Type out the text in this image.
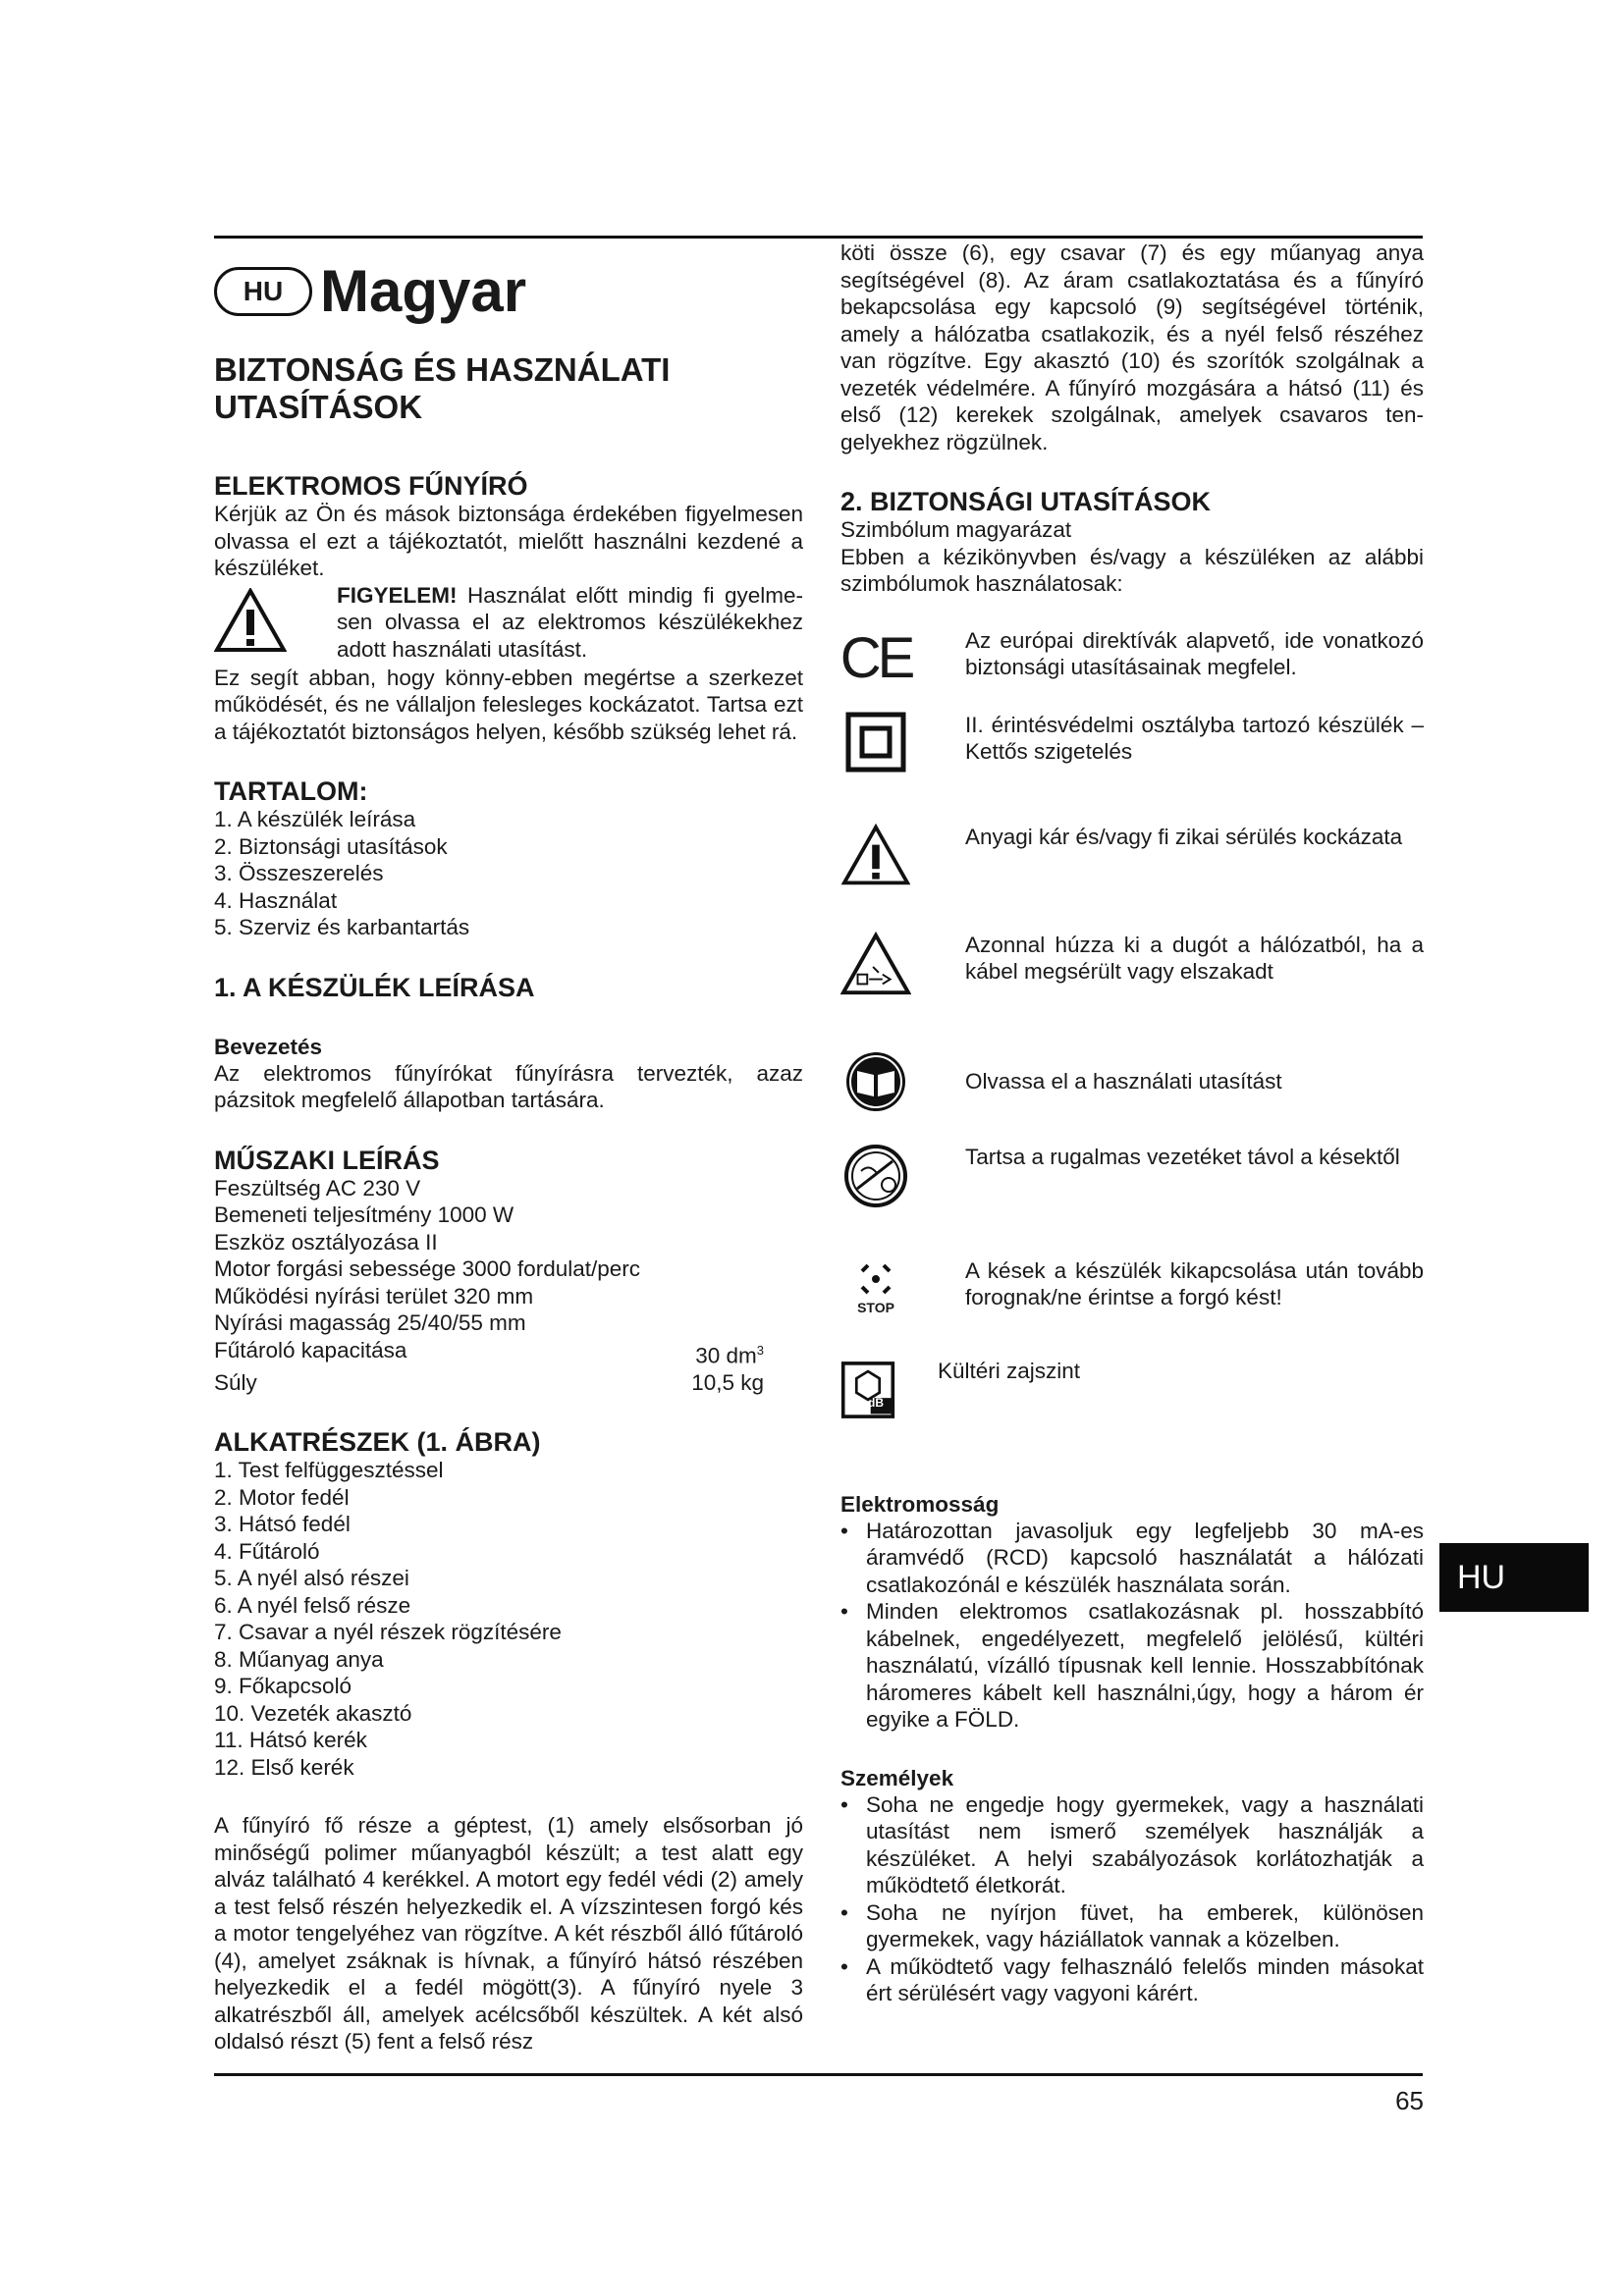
HU Magyar
BIZTONSÁG ÉS HASZNÁLATI UTASÍTÁSOK
ELEKTROMOS FŰNYÍRÓ

Kérjük az Ön és mások biztonsága érdekében figyelmesen olvassa el ezt a tájékoztatót, mielőtt használni kezdené a készüléket.

FIGYELEM! Használat előtt mindig fi gyelme-sen olvassa el az elektromos készülékekhez adott használati utasítást.

Ez segít abban, hogy könny-ebben megértse a szerkezet működését, és ne vállaljon felesleges kockázatot. Tartsa ezt a tájékoztatót biztonságos helyen, később szükség lehet rá.

TARTALOM:
1. A készülék leírása
2. Biztonsági utasítások
3. Összeszerelés
4. Használat
5. Szerviz és karbantartás
1. A KÉSZÜLÉK LEÍRÁSA
Bevezetés

Az elektromos fűnyírókat fűnyírásra tervezték, azaz pázsitok megfelelő állapotban tartására.

MŰSZAKI LEÍRÁS

Feszültség AC 230 V

Bemeneti teljesítmény 1000 W

Eszköz osztályozása II

Motor forgási sebessége 3000 fordulat/perc

Működési nyírási terület 320 mm

Nyírási magasság 25/40/55 mm

Fűtároló kapacitása	30 $dm^3$
Súly	10,5 kg
ALKATRÉSZEK (1. ÁBRA)
1. Test felfüggesztéssel
2. Motor fedél
3. Hátsó fedél
4. Fűtároló
5. A nyél alsó részei
6. A nyél felső része
7. Csavar a nyél részek rögzítésére
8. Műanyag anya
9. Főkapcsoló
10. Vezeték akasztó
11. Hátsó kerék
12. Első kerék

A fűnyíró fő része a géptest, (1) amely elsősorban jó minőségű polimer műanyagból készült; a test alatt egy alváz található 4 kerékkel. A motort egy fedél védi (2) amely a test felső részén helyezkedik el. A vízszintesen forgó kés a motor tengelyéhez van rögzítve. A két részből álló fűtároló (4), amelyet zsáknak is hívnak, a fűnyíró hátsó részében helyezkedik el a fedél mögött(3). A fűnyíró nyele 3 alkatrészből áll, amelyek acélcsőből készültek. A két alsó oldalsó részt (5) fent a felső rész

köti össze (6), egy csavar (7) és egy műanyag anya segítségével (8). Az áram csatlakoztatása és a fűnyíró bekapcsolása egy kapcsoló (9) segítségével történik, amely a hálózatba csatlakozik, és a nyél felső részéhez van rögzítve. Egy akasztó (10) és szorítók szolgálnak a vezeték védelmére. A fűnyíró mozgására a hátsó (11) és első (12) kerekek szolgálnak, amelyek csavaros ten-gelyekhez rögzülnek.

2. BIZTONSÁGI UTASÍTÁSOK

Szimbólum magyarázat

Ebben a kézikönyvben és/vagy a készüléken az alábbi szimbólumok használatosak:

CE Az európai direktívák alapvető, ide vonatkozó biztonsági utasításainak megfelel.

II. érintésvédelmi osztályba tartozó készülék – Kettős szigetelés

Anyagi kár és/vagy fi zikai sérülés kockázata

Azonnal húzza ki a dugót a hálózatból, ha a kábel megsérült vagy elszakadt

Olvassa el a használati utasítást

Tartsa a rugalmas vezetéket távol a késektől

STOP

A kések a készülék kikapcsolása után tovább forognak/ne érintse a forgó kést!

dB

Kültéri zajszint

Elektromosság
• Határozottan javasoljuk egy legfeljebb 30 mA-es áramvédő (RCD) kapcsoló használatát a hálózati csatlakozónál e készülék használata során.
• Minden elektromos csatlakozásnak pl. hosszabbító kábelnek, engedélyezett, megfelelő jelölésű, kültéri használatú, vízálló típusnak kell lennie. Hosszabbítónak háromeres kábelt kell használni,úgy, hogy a három ér egyike a FÖLD.
Személyek
• Soha ne engedje hogy gyermekek, vagy a használati utasítást nem ismerő személyek használják a készüléket. A helyi szabályozások korlátozhatják a működtető életkorát.
• Soha ne nyírjon füvet, ha emberek, különösen gyermekek, vagy háziállatok vannak a közelben.
• A működtető vagy felhasználó felelős minden másokat ért sérülésért vagy vagyoni kárért.
HU
65
